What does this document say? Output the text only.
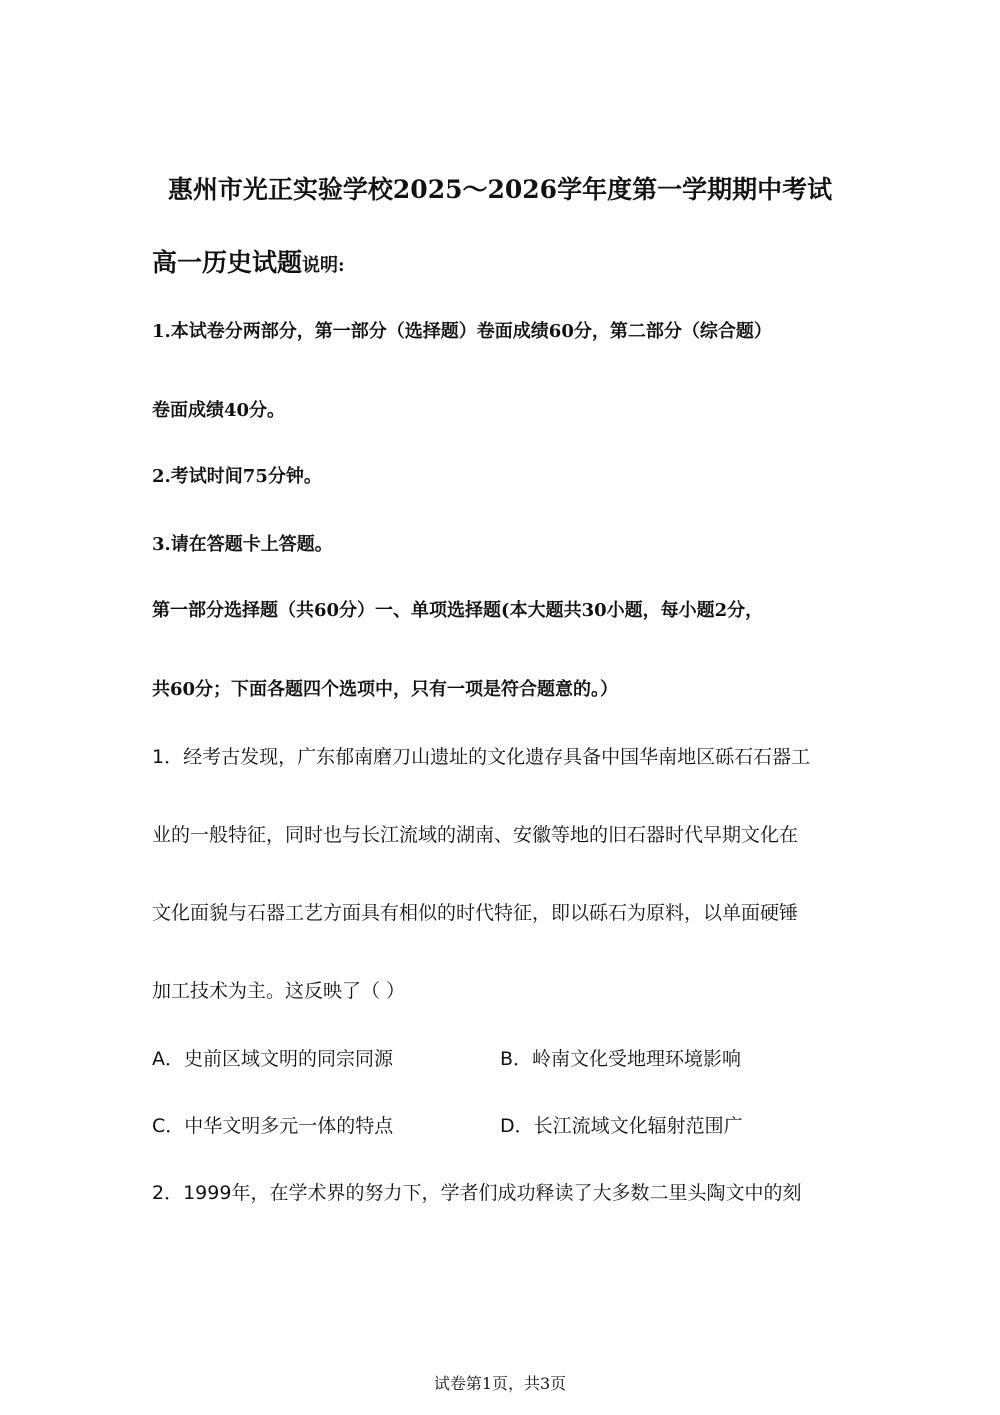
惠州市光正实验学校2025～2026学年度第一学期期中考试

高一历史试题说明:

1.本试卷分两部分，第一部分（选择题）卷面成绩60分，第二部分（综合题）

卷面成绩40分。

2.考试时间75分钟。

3.请在答题卡上答题。

第一部分选择题（共60分）一、单项选择题(本大题共30小题，每小题2分，

共60分；下面各题四个选项中，只有一项是符合题意的。）

1．经考古发现，广东郁南磨刀山遗址的文化遗存具备中国华南地区砾石石器工

业的一般特征，同时也与长江流域的湖南、安徽等地的旧石器时代早期文化在

文化面貌与石器工艺方面具有相似的时代特征，即以砾石为原料，以单面硬锤

加工技术为主。这反映了（ ）

A．史前区域文明的同宗同源	B．岭南文化受地理环境影响
C．中华文明多元一体的特点	D．长江流域文化辐射范围广

2．1999年，在学术界的努力下，学者们成功释读了大多数二里头陶文中的刻

试卷第1页，共3页
